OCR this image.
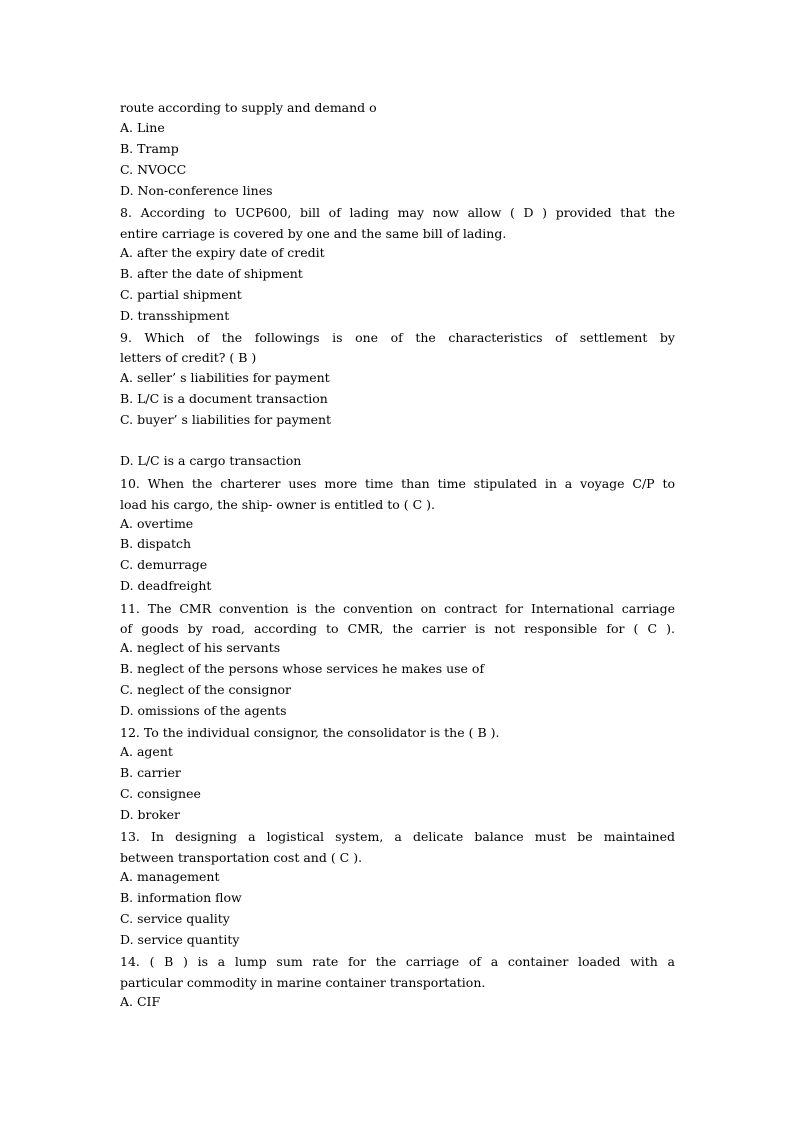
route according to supply and demand o
A. Line
B. Tramp
C. NVOCC
D. Non-conference lines
8. According to UCP600, bill of lading may now allow ( D ) provided that the
entire carriage is covered by one and the same bill of lading.
A. after the expiry date of credit
B. after the date of shipment
C. partial shipment
D. transshipment
9. Which of the followings is one of the characteristics of settlement by
letters of credit? ( B )
A. seller’ s liabilities for payment
B. L/C is a document transaction
C. buyer’ s liabilities for payment
D. L/C is a cargo transaction
10. When the charterer uses more time than time stipulated in a voyage C/P to
load his cargo, the ship- owner is entitled to ( C ).
A. overtime
B. dispatch
C. demurrage
D. deadfreight
11. The CMR convention is the convention on contract for International carriage
of goods by road, according to CMR, the carrier is not responsible for ( C ).
A. neglect of his servants
B. neglect of the persons whose services he makes use of
C. neglect of the consignor
D. omissions of the agents
12. To the individual consignor, the consolidator is the ( B ).
A. agent
B. carrier
C. consignee
D. broker
13. In designing a logistical system, a delicate balance must be maintained
between transportation cost and ( C ).
A. management
B. information flow
C. service quality
D. service quantity
14. ( B ) is a lump sum rate for the carriage of a container loaded with a
particular commodity in marine container transportation.
A. CIF
